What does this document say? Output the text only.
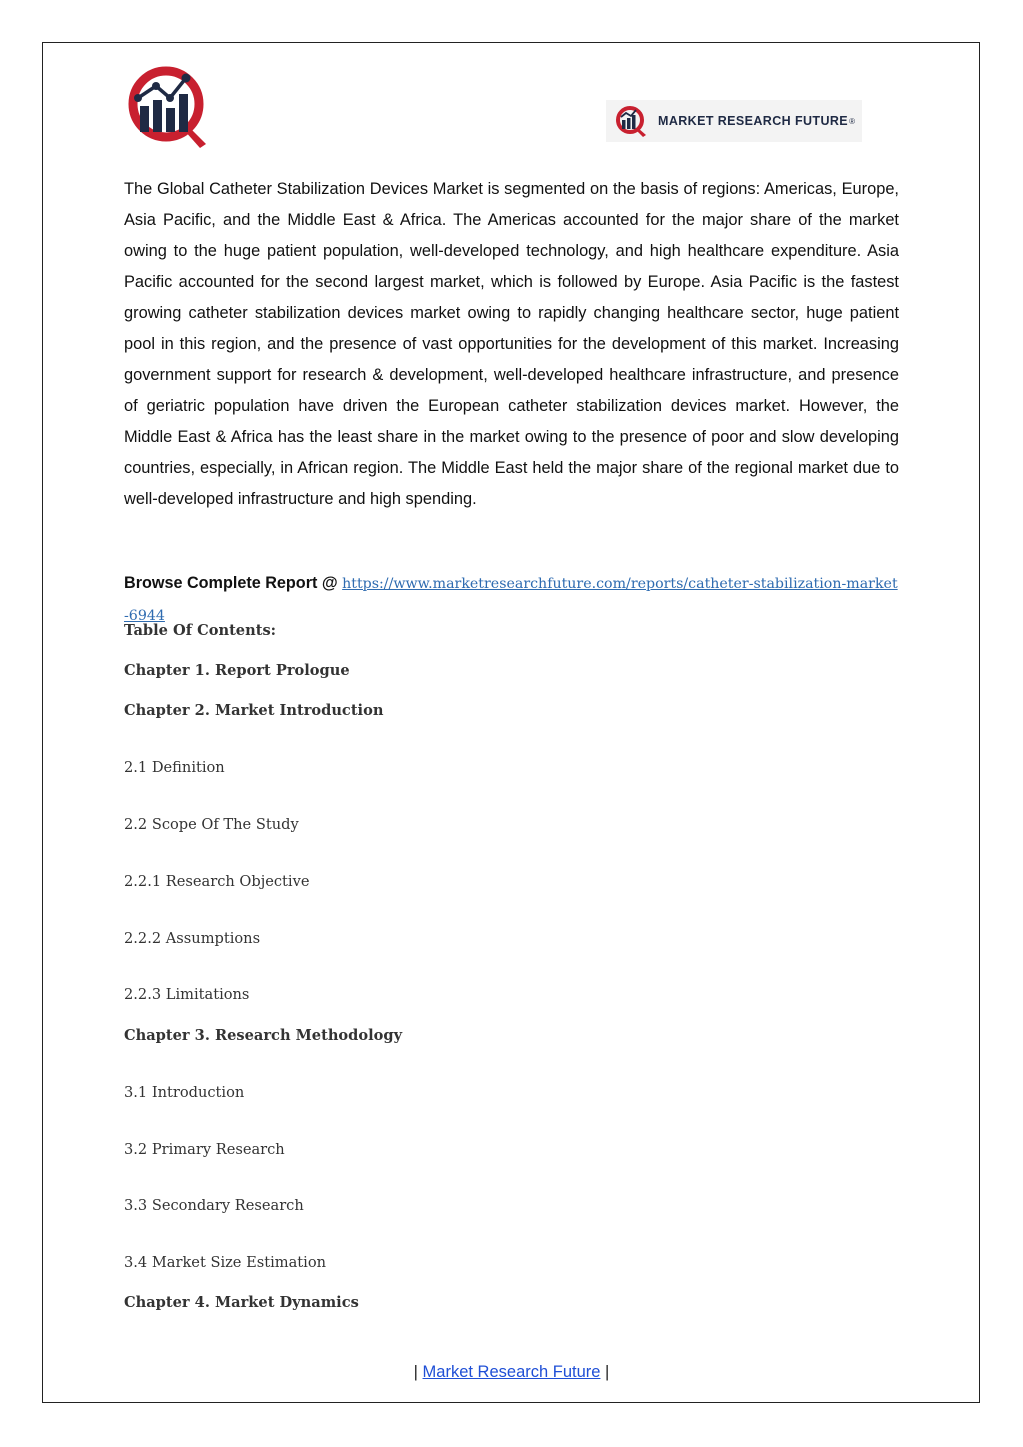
MARKET RESEARCH FUTURE ®

The Global Catheter Stabilization Devices Market is segmented on the basis of regions: Americas, Europe, Asia Pacific, and the Middle East & Africa. The Americas accounted for the major share of the market owing to the huge patient population, well-developed technology, and high healthcare expenditure. Asia Pacific accounted for the second largest market, which is followed by Europe. Asia Pacific is the fastest growing catheter stabilization devices market owing to rapidly changing healthcare sector, huge patient pool in this region, and the presence of vast opportunities for the development of this market. Increasing government support for research & development, well-developed healthcare infrastructure, and presence of geriatric population have driven the European catheter stabilization devices market. However, the Middle East & Africa has the least share in the market owing to the presence of poor and slow developing countries, especially, in African region. The Middle East held the major share of the regional market due to well-developed infrastructure and high spending.

Browse Complete Report @ https://www.marketresearchfuture.com/reports/catheter-stabilization-market-6944

Table Of Contents:

Chapter 1. Report Prologue

Chapter 2. Market Introduction

2.1 Definition

2.2 Scope Of The Study

2.2.1 Research Objective

2.2.2 Assumptions

2.2.3 Limitations

Chapter 3. Research Methodology

3.1 Introduction

3.2 Primary Research

3.3 Secondary Research

3.4 Market Size Estimation

Chapter 4. Market Dynamics

| Market Research Future |
